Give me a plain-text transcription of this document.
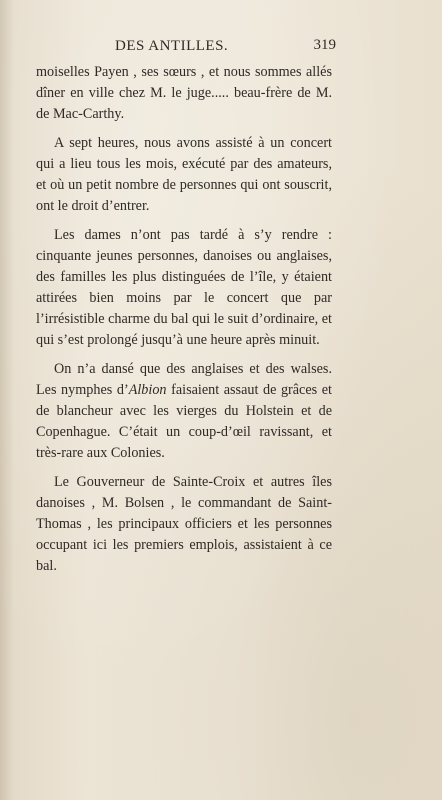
DES ANTILLES.	319

moiselles Payen , ses sœurs , et nous sommes allés dîner en ville chez M. le juge..... beau-frère de M. de Mac-Carthy.

A sept heures, nous avons assisté à un concert qui a lieu tous les mois, exécuté par des amateurs, et où un petit nombre de personnes qui ont souscrit, ont le droit d’entrer.

Les dames n’ont pas tardé à s’y rendre : cinquante jeunes personnes, danoises ou anglaises, des familles les plus distinguées de l’île, y étaient attirées bien moins par le concert que par l’irrésistible charme du bal qui le suit d’ordinaire, et qui s’est prolongé jusqu’à une heure après minuit.

On n’a dansé que des anglaises et des walses. Les nymphes d’Albion faisaient assaut de grâces et de blancheur avec les vierges du Holstein et de Copenhague. C’était un coup-d’œil ravissant, et très-rare aux Colonies.

Le Gouverneur de Sainte-Croix et autres îles danoises , M. Bolsen , le commandant de Saint-Thomas , les principaux officiers et les personnes occupant ici les premiers emplois, assistaient à ce bal.
